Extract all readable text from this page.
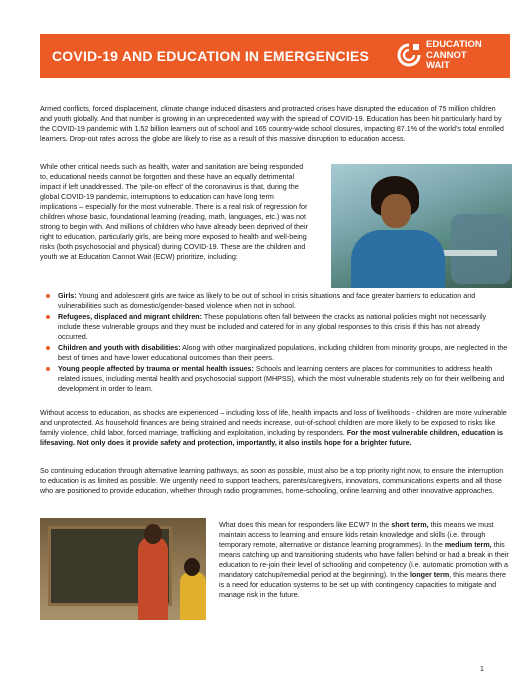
COVID-19 AND EDUCATION IN EMERGENCIES
EDUCATION
CANNOT
WAIT

Armed conflicts, forced displacement, climate change induced disasters and protracted crises have disrupted the education of 75 million children and youth globally. And that number is growing in an unprecedented way with the spread of COVID-19. Education has been hit particularly hard by the COVID-19 pandemic with 1.52 billion learners out of school and 165 country-wide school closures, impacting 87.1% of the world’s total enrolled learners. Drop-out rates across the globe are likely to rise as a result of this massive disruption to education access.

While other critical needs such as health, water and sanitation are being responded to, educational needs cannot be forgotten and these have an equally detrimental impact if left unaddressed. The ‘pile-on effect’ of the coronavirus is that, during the global COVID-19 pandemic, interruptions to education can have long term implications – especially for the most vulnerable. There is a real risk of regression for children whose basic, foundational learning (reading, math, languages, etc.) was not strong to begin with. And millions of children who have already been deprived of their right to education, particularly girls, are being more exposed to health and well-being risks (both psychosocial and physical) during COVID-19. These are the children and youth we at Education Cannot Wait (ECW) prioritize, including:

Girls: Young and adolescent girls are twice as likely to be out of school in crisis situations and face greater barriers to education and vulnerabilities such as domestic/gender-based violence when not in school.
Refugees, displaced and migrant children: These populations often fall between the cracks as national policies might not necessarily include these vulnerable groups and they must be included and catered for in any global responses to this crisis if this has not already occurred.
Children and youth with disabilities: Along with other marginalized populations, including children from minority groups, are neglected in the best of times and have lower educational outcomes than their peers.
Young people affected by trauma or mental health issues: Schools and learning centers are places for communities to address health related issues, including mental health and psychosocial support (MHPSS), which the most vulnerable students rely on for their wellbeing and development in order to learn.

Without access to education, as shocks are experienced – including loss of life, health impacts and loss of livelihoods - children are more vulnerable and unprotected. As household finances are being strained and needs increase, out-of-school children are more likely to be exposed to risks like family violence, child labor, forced marriage, trafficking and exploitation, including by responders. For the most vulnerable children, education is lifesaving. Not only does it provide safety and protection, importantly, it also instils hope for a brighter future.

So continuing education through alternative learning pathways, as soon as possible, must also be a top priority right now, to ensure the interruption to education is as limited as possible. We urgently need to support teachers, parents/caregivers, innovators, communications experts and all those who are positioned to provide education, whether through radio programmes, home-schooling, online learning and other innovative approaches.

What does this mean for responders like ECW? In the short term, this means we must maintain access to learning and ensure kids retain knowledge and skills (i.e. through temporary remote, alternative or distance learning programmes). In the medium term, this means catching up and transitioning students who have fallen behind or had a break in their education to re-join their level of schooling and competency (i.e. automatic promotion with a mandatory catchup/remedial period at the beginning). In the longer term, this means there is a need for education systems to be set up with contingency capacities to mitigate and manage risk in the future.

1
